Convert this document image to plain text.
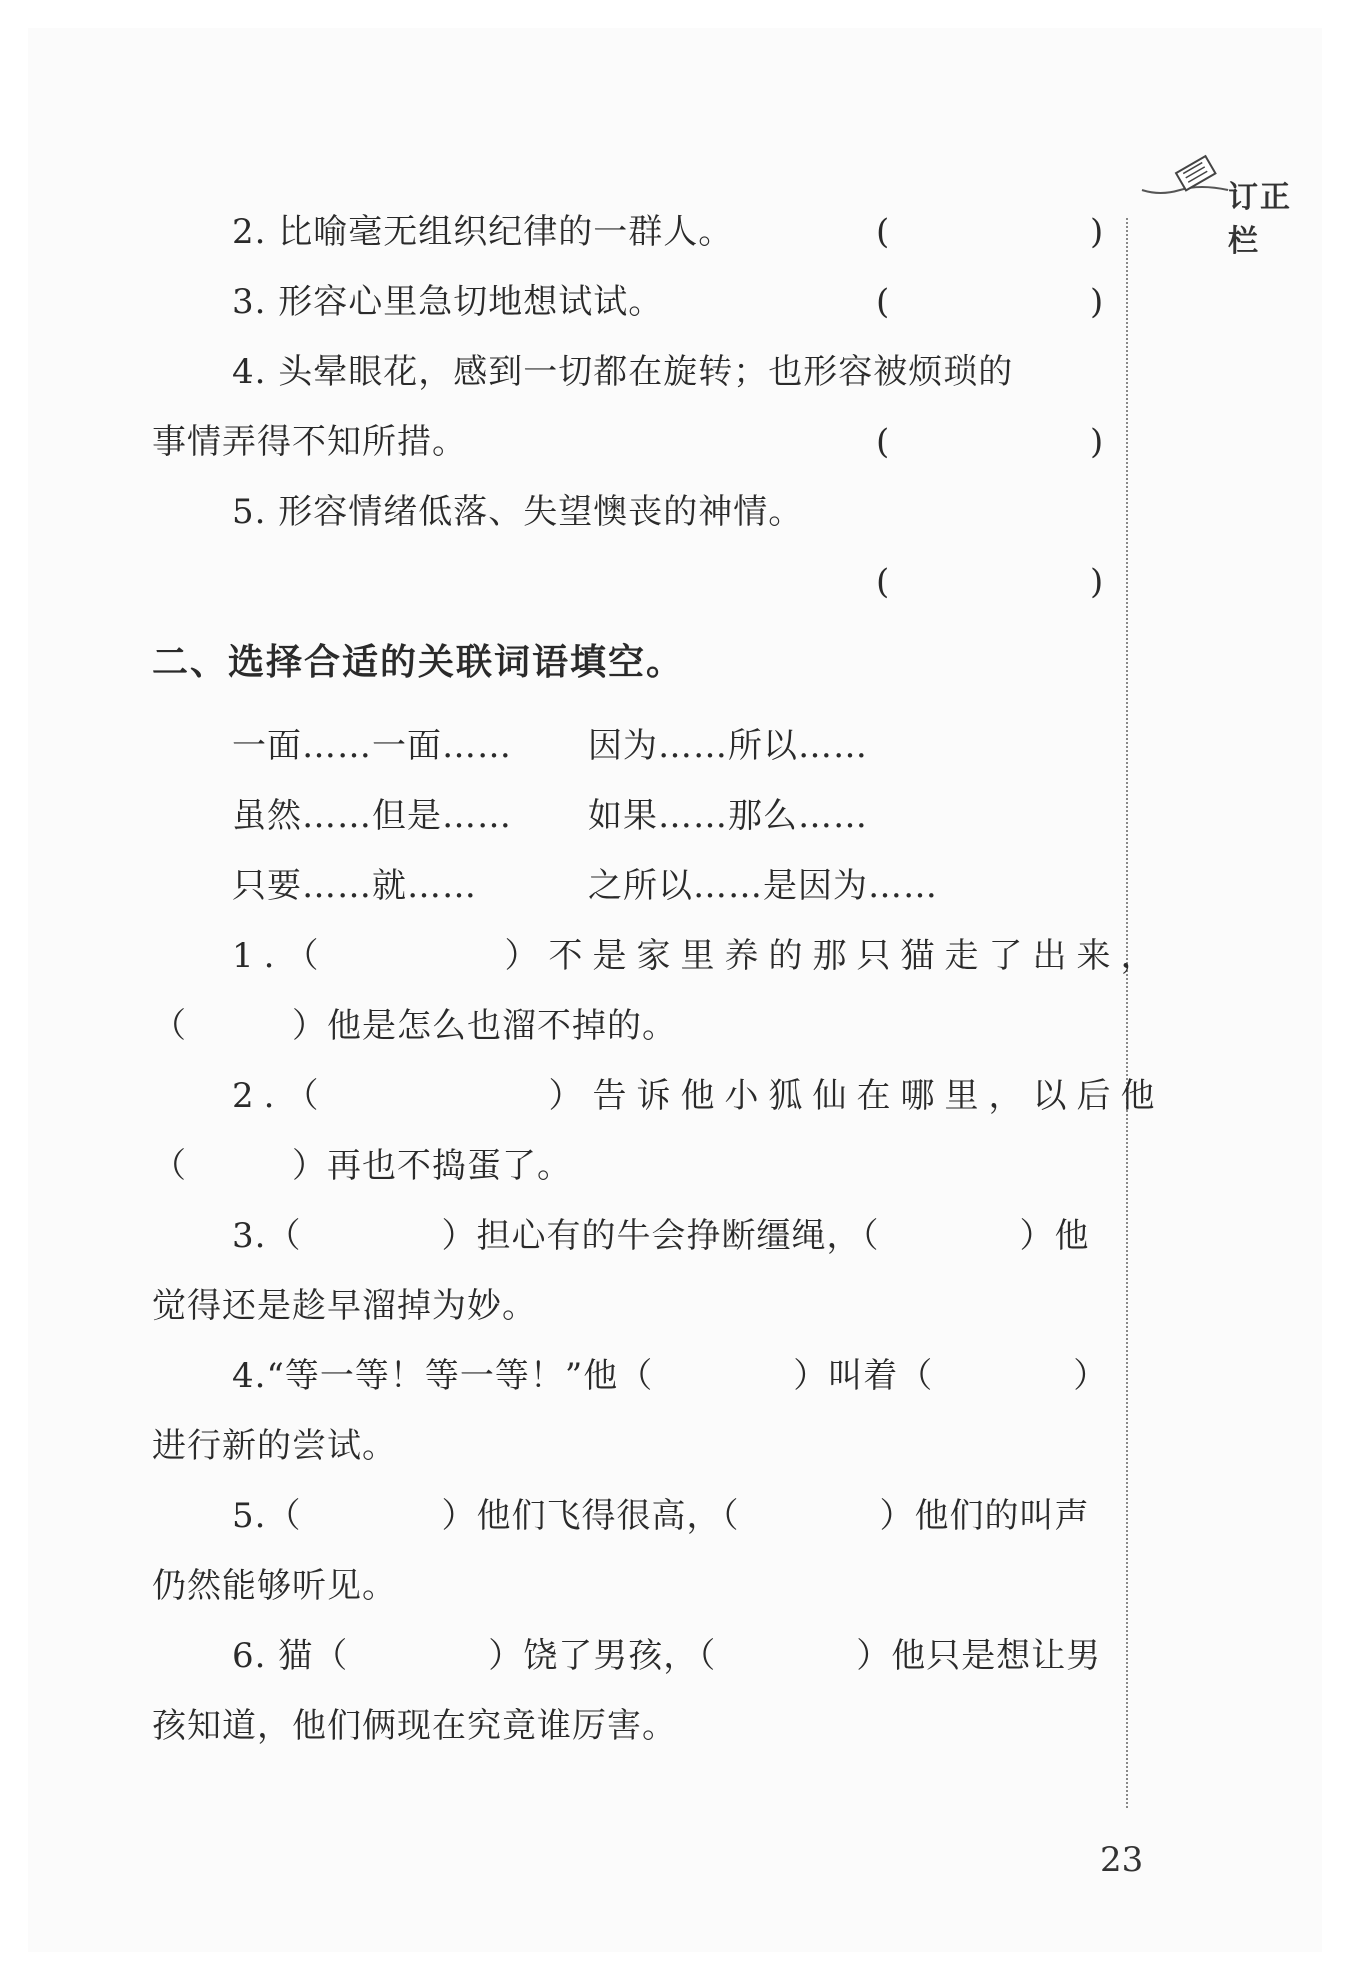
订正栏
2. 比喻毫无组织纪律的一群人。	(	)
3. 形容心里急切地想试试。	(	)
4. 头晕眼花，感到一切都在旋转；也形容被烦琐的
事情弄得不知所措。	(	)
5. 形容情绪低落、失望懊丧的神情。
(	)
二、选择合适的关联词语填空。
一面……一面…… 因为……所以……
虽然……但是…… 如果……那么……
只要……就……	之所以……是因为……
1.（　　　　）不是家里养的那只猫走了出来，
（　　　）他是怎么也溜不掉的。
2.（　　　　　）告诉他小狐仙在哪里，以后他
（　　　）再也不捣蛋了。
3.（　　　　）担心有的牛会挣断缰绳，（　　　　）他
觉得还是趁早溜掉为妙。
4.“等一等！等一等！”他（　　　　）叫着（　　　　）
进行新的尝试。
5.（　　　　）他们飞得很高，（　　　　）他们的叫声
仍然能够听见。
6. 猫（　　　　）饶了男孩，（　　　　）他只是想让男
孩知道，他们俩现在究竟谁厉害。
23
